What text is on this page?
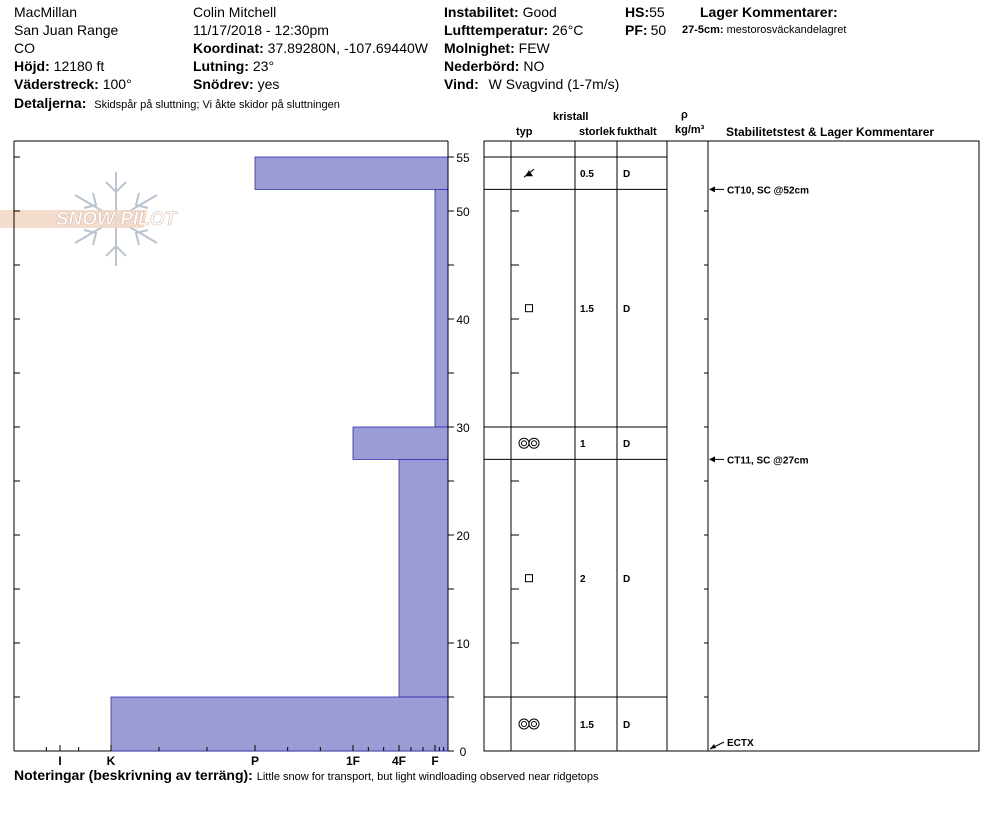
MacMillan
San Juan Range
CO
Höjd: 12180 ft
Väderstreck: 100°
Detaljerna: Skidspår på sluttning; Vi åkte skidor på sluttningen
Colin Mitchell
11/17/2018 - 12:30pm
Koordinat: 37.89280N, -107.69440W
Lutning: 23°
Snödrev: yes
Instabilitet: Good
Lufttemperatur: 26°C
Molnighet: FEW
Nederbörd: NO
Vind: W Svagvind (1-7m/s)
HS:55
PF: 50
Lager Kommentarer:
27-5cm: mestorosväckandelagret
kristall
typ	storlek fukthalt
ρ
kg/m³ Stabilitetstest & Lager Kommentarer
SNOW PILOT
0
10
20
30
40
50
55
I	K	P	1F	4F F
0.5	D
1.5	D
1	D
2	D
1.5	D
CT10, SC @52cm
CT11, SC @27cm
ECTX
Noteringar (beskrivning av terräng): Little snow for transport, but light windloading observed near ridgetops
